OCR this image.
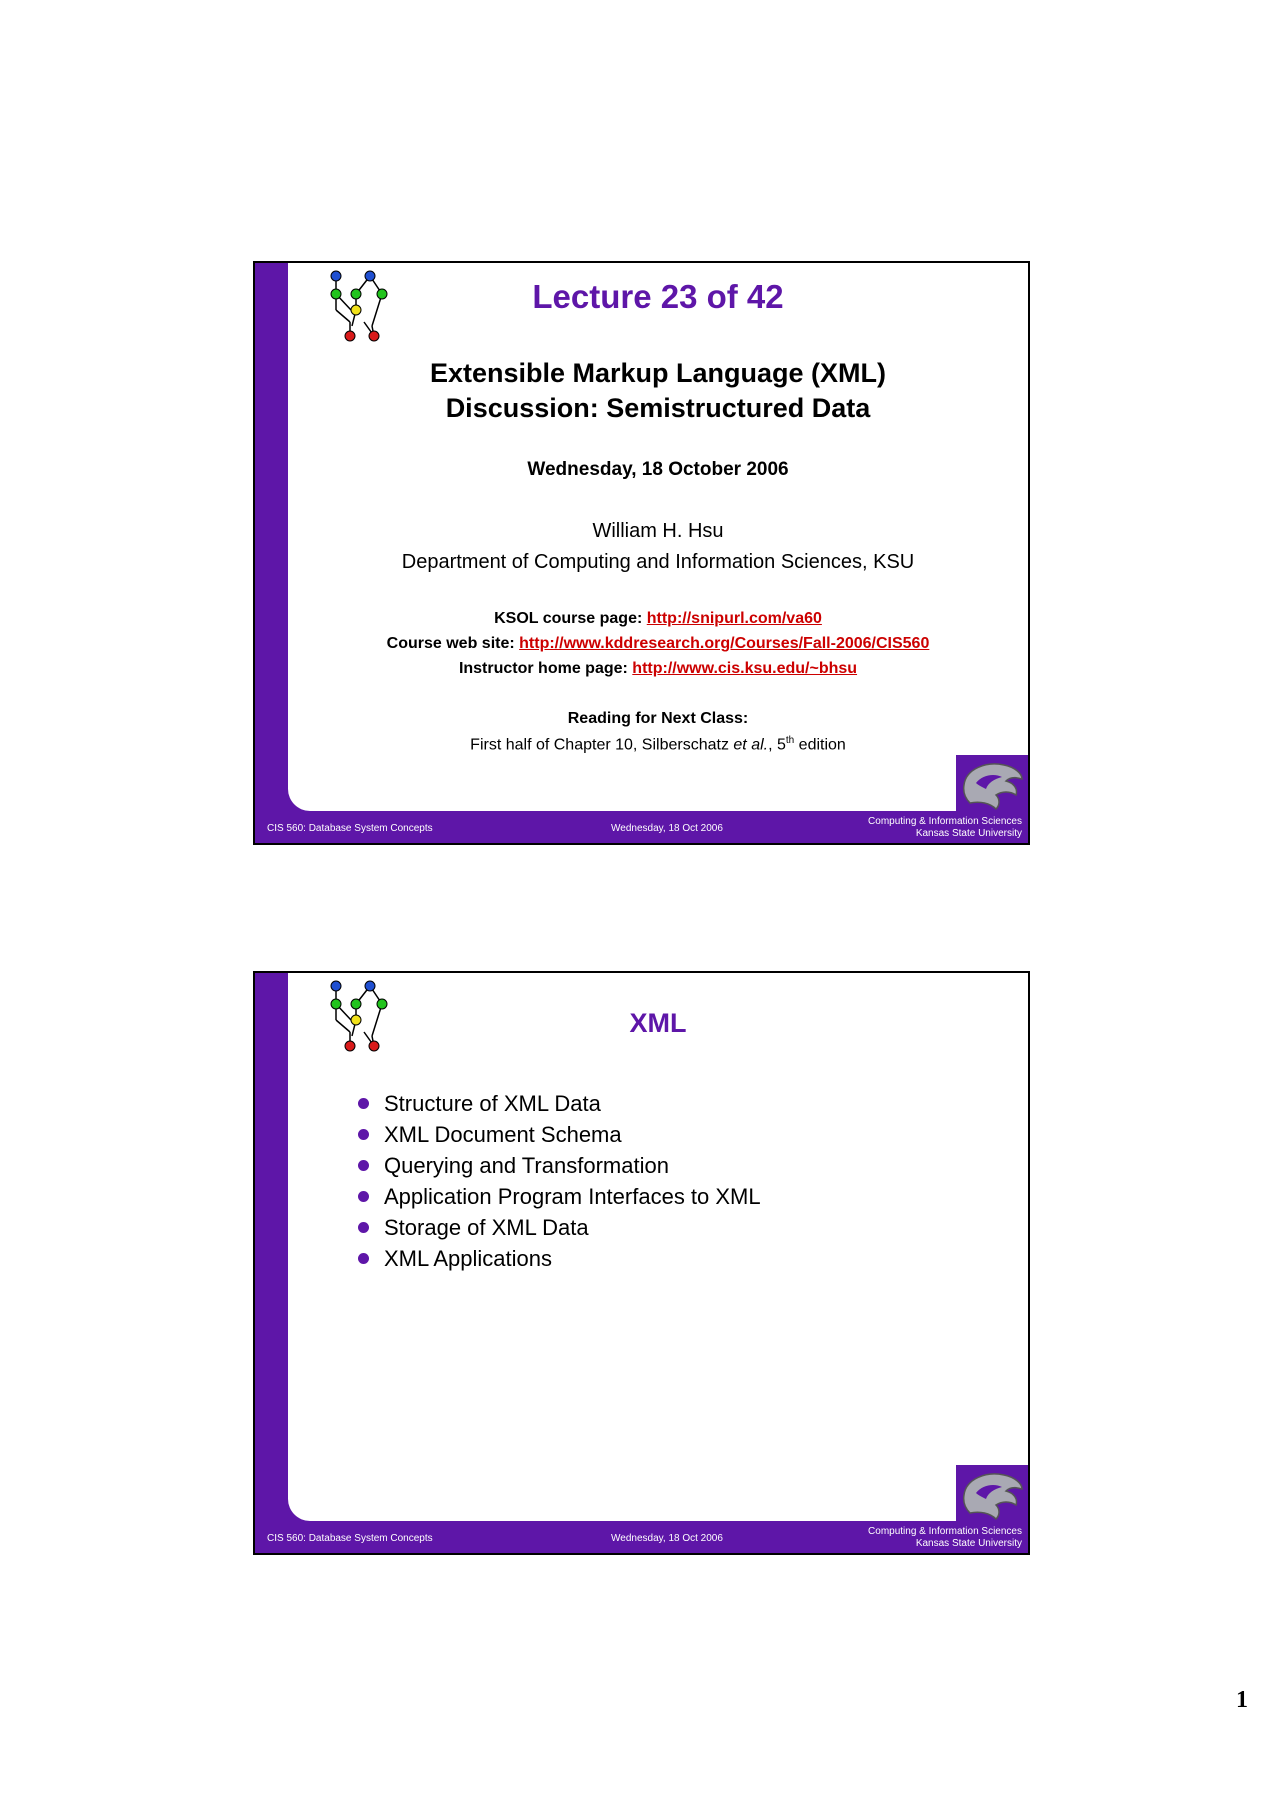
Lecture 23 of 42
Extensible Markup Language (XML)
Discussion: Semistructured Data
Wednesday, 18 October 2006
William H. Hsu
Department of Computing and Information Sciences, KSU
KSOL course page: http://snipurl.com/va60
Course web site: http://www.kddresearch.org/Courses/Fall-2006/CIS560
Instructor home page: http://www.cis.ksu.edu/~bhsu
Reading for Next Class:
First half of Chapter 10, Silberschatz et al., 5th edition
CIS 560: Database System Concepts	Wednesday, 18 Oct 2006
Computing & Information Sciences
Kansas State University
XML
Structure of XML Data
XML Document Schema
Querying and Transformation
Application Program Interfaces to XML
Storage of XML Data
XML Applications
CIS 560: Database System Concepts	Wednesday, 18 Oct 2006
Computing & Information Sciences
Kansas State University
1
